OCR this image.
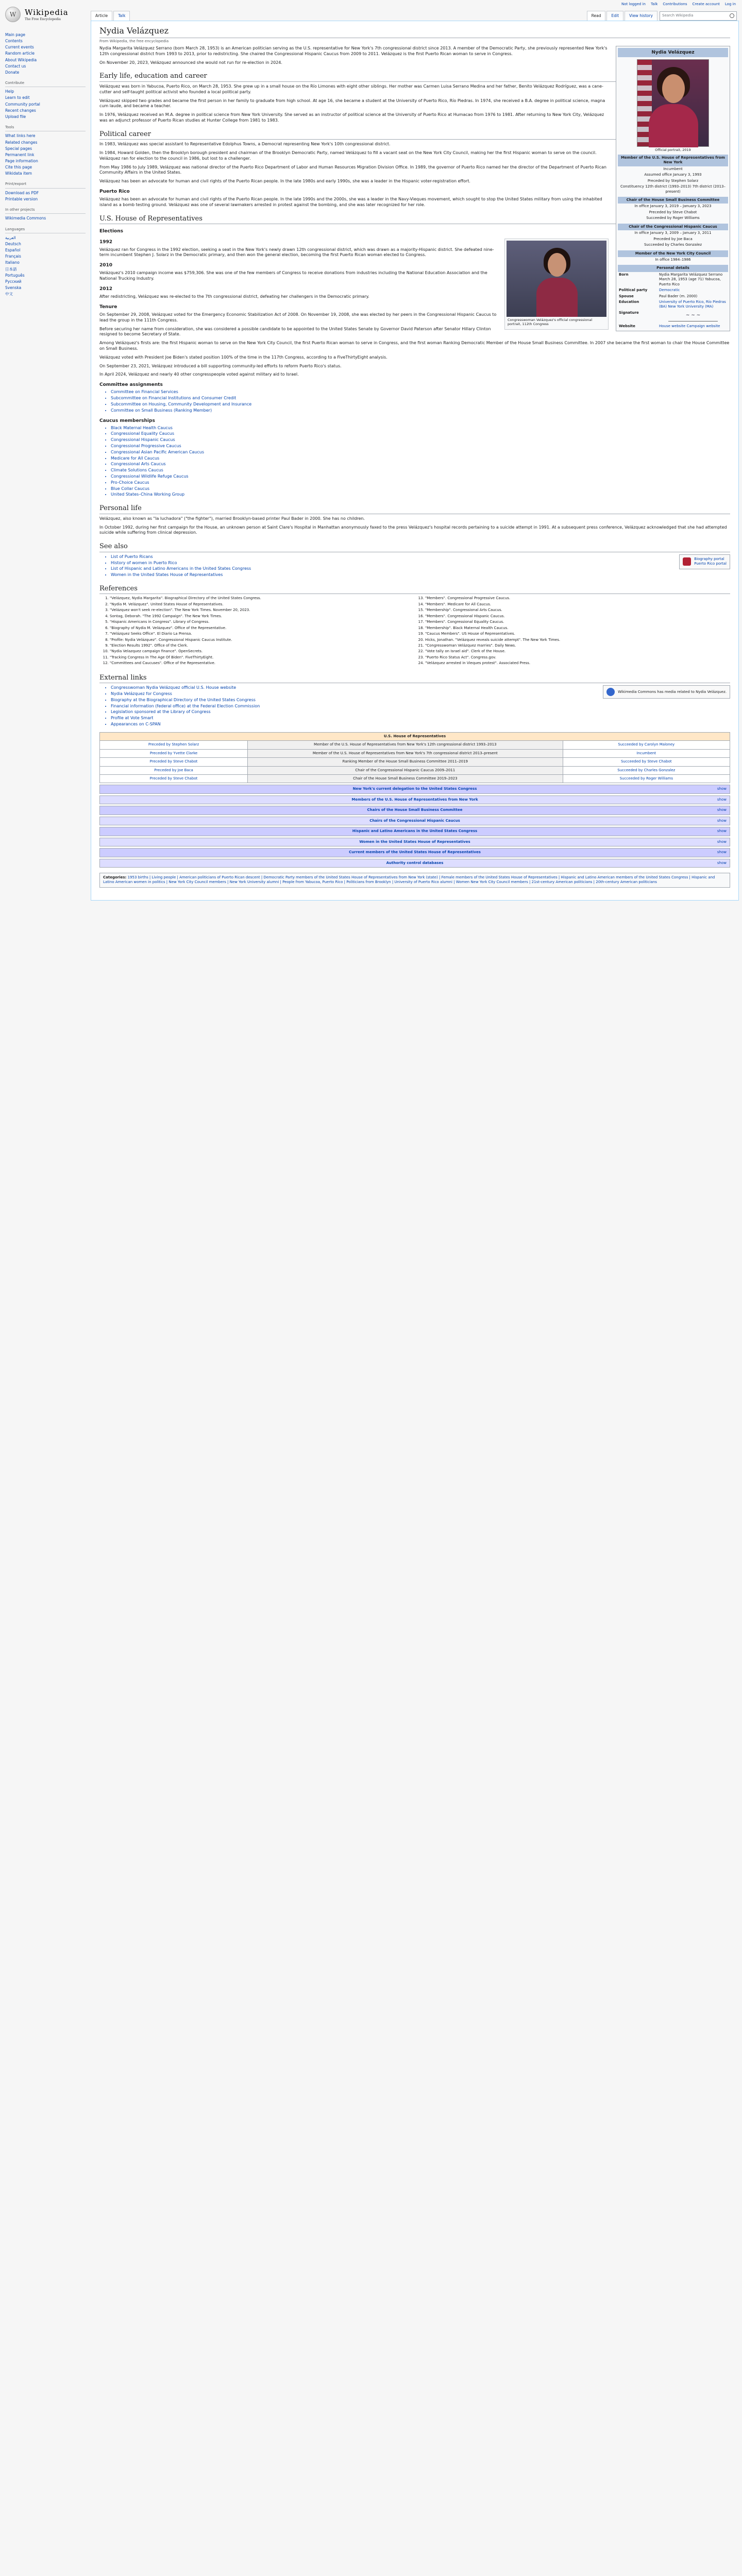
W
Wikipedia
The Free Encyclopedia
Main page
Contents
Current events
Random article
About Wikipedia
Contact us
Donate
Contribute
Help
Learn to edit
Community portal
Recent changes
Upload file
Tools
What links here
Related changes
Special pages
Permanent link
Page information
Cite this page
Wikidata item
Print/export
Download as PDF
Printable version
In other projects
Wikimedia Commons
Languages
العربية
Deutsch
Español
Français
Italiano
日本語
Português
Русский
Svenska
中文
Not logged in Talk Contributions Create account Log in
Article	Talk	Read	Edit	View history	Search Wikipedia
Nydia Velázquez
From Wikipedia, the free encyclopedia
Nydia Velázquez
Official portrait, 2019
Member of the U.S. House of Representatives from New York
Incumbent
Assumed office January 3, 1993
Preceded by Stephen Solarz
Constituency 12th district (1993–2013) 7th district (2013–present)
Chair of the House Small Business Committee
In office January 3, 2019 – January 3, 2023
Preceded by Steve Chabot
Succeeded by Roger Williams
Chair of the Congressional Hispanic Caucus
In office January 3, 2009 – January 3, 2011
Preceded by Joe Baca
Succeeded by Charles Gonzalez
Member of the New York City Council
In office 1984–1986
Personal details
Born	Nydia Margarita Velázquez Serrano March 28, 1953 (age 71) Yabucoa, Puerto Rico
Political party	Democratic
Spouse	Paul Bader (m. 2000)
Education	University of Puerto Rico, Río Piedras (BA) New York University (MA)
Signature	~ ~ ~
Website	House website Campaign website

Nydia Margarita Velázquez Serrano (born March 28, 1953) is an American politician serving as the U.S. representative for New York's 7th congressional district since 2013. A member of the Democratic Party, she previously represented New York's 12th congressional district from 1993 to 2013, prior to redistricting. She chaired the Congressional Hispanic Caucus from 2009 to 2011. Velázquez is the first Puerto Rican woman to serve in Congress.

On November 20, 2023, Velázquez announced she would not run for re-election in 2024.

Early life, education and career

Velázquez was born in Yabucoa, Puerto Rico, on March 28, 1953. She grew up in a small house on the Río Limones with eight other siblings. Her mother was Carmen Luisa Serrano Medina and her father, Benito Velázquez Rodríguez, was a cane-cutter and self-taught political activist who founded a local political party.

Velázquez skipped two grades and became the first person in her family to graduate from high school. At age 16, she became a student at the University of Puerto Rico, Río Piedras. In 1974, she received a B.A. degree in political science, magna cum laude, and became a teacher.

In 1976, Velázquez received an M.A. degree in political science from New York University. She served as an instructor of political science at the University of Puerto Rico at Humacao from 1976 to 1981. After returning to New York City, Velázquez was an adjunct professor of Puerto Rican studies at Hunter College from 1981 to 1983.

Political career

In 1983, Velázquez was special assistant to Representative Edolphus Towns, a Democrat representing New York's 10th congressional district.

In 1984, Howard Golden, then the Brooklyn borough president and chairman of the Brooklyn Democratic Party, named Velázquez to fill a vacant seat on the New York City Council, making her the first Hispanic woman to serve on the council. Velázquez ran for election to the council in 1986, but lost to a challenger.

From May 1986 to July 1989, Velázquez was national director of the Puerto Rico Department of Labor and Human Resources Migration Division Office. In 1989, the governor of Puerto Rico named her the director of the Department of Puerto Rican Community Affairs in the United States.

Velázquez has been an advocate for human and civil rights of the Puerto Rican people. In the late 1980s and early 1990s, she was a leader in the Hispanic voter-registration effort.

Puerto Rico

Velázquez has been an advocate for human and civil rights of the Puerto Rican people. In the late 1990s and the 2000s, she was a leader in the Navy-Vieques movement, which sought to stop the United States military from using the inhabited island as a bomb testing ground. Velázquez was one of several lawmakers arrested in protest against the bombing, and she was later recognized for her role.

U.S. House of Representatives
Elections
Congresswoman Velázquez's official congressional portrait, 112th Congress
1992

Velázquez ran for Congress in the 1992 election, seeking a seat in the New York's newly drawn 12th congressional district, which was drawn as a majority-Hispanic district. She defeated nine-term incumbent Stephen J. Solarz in the Democratic primary, and then won the general election, becoming the first Puerto Rican woman elected to Congress.

2010

Velázquez's 2010 campaign income was $759,306. She was one of the few members of Congress to receive donations from industries including the National Education Association and the National Trucking Industry.

2012

After redistricting, Velázquez was re-elected to the 7th congressional district, defeating her challengers in the Democratic primary.

Tenure

On September 29, 2008, Velázquez voted for the Emergency Economic Stabilization Act of 2008. On November 19, 2008, she was elected by her peers in the Congressional Hispanic Caucus to lead the group in the 111th Congress.

Before securing her name from consideration, she was considered a possible candidate to be appointed to the United States Senate by Governor David Paterson after Senator Hillary Clinton resigned to become Secretary of State.

Among Velázquez's firsts are: the first Hispanic woman to serve on the New York City Council, the first Puerto Rican woman to serve in Congress, and the first woman Ranking Democratic Member of the House Small Business Committee. In 2007 she became the first woman to chair the House Committee on Small Business.

Velázquez voted with President Joe Biden's stated position 100% of the time in the 117th Congress, according to a FiveThirtyEight analysis.

On September 23, 2021, Velázquez introduced a bill supporting community-led efforts to reform Puerto Rico's status.

In April 2024, Velázquez and nearly 40 other congresspeople voted against military aid to Israel.

Committee assignments
• Committee on Financial Services
• Subcommittee on Financial Institutions and Consumer Credit
• Subcommittee on Housing, Community Development and Insurance
• Committee on Small Business (Ranking Member)
Caucus memberships
• Black Maternal Health Caucus
• Congressional Equality Caucus
• Congressional Hispanic Caucus
• Congressional Progressive Caucus
• Congressional Asian Pacific American Caucus
• Medicare for All Caucus
• Congressional Arts Caucus
• Climate Solutions Caucus
• Congressional Wildlife Refuge Caucus
• Pro-Choice Caucus
• Blue Collar Caucus
• United States–China Working Group
Personal life

Velázquez, also known as "la luchadora" ("the fighter"), married Brooklyn-based printer Paul Bader in 2000. She has no children.

In October 1992, during her first campaign for the House, an unknown person at Saint Clare's Hospital in Manhattan anonymously faxed to the press Velázquez's hospital records pertaining to a suicide attempt in 1991. At a subsequent press conference, Velázquez acknowledged that she had attempted suicide while suffering from clinical depression.

See also
Biography portal
Puerto Rico portal
• List of Puerto Ricans
• History of women in Puerto Rico
• List of Hispanic and Latino Americans in the United States Congress
• Women in the United States House of Representatives
References
1. "Velázquez, Nydia Margarita". Biographical Directory of the United States Congress.
2. "Nydia M. Velázquez". United States House of Representatives.
3. "Velázquez won't seek re-election". The New York Times. November 20, 2023.
4. Sontag, Deborah. "The 1992 Campaign". The New York Times.
5. "Hispanic Americans in Congress". Library of Congress.
6. "Biography of Nydia M. Velázquez". Office of the Representative.
7. "Velázquez Seeks Office". El Diario La Prensa.
8. "Profile: Nydia Velázquez". Congressional Hispanic Caucus Institute.
9. "Election Results 1992". Office of the Clerk.
10. "Nydia Velazquez campaign finance". OpenSecrets.
11. "Tracking Congress In The Age Of Biden". FiveThirtyEight.
12. "Committees and Caucuses". Office of the Representative.
13. "Members". Congressional Progressive Caucus.
14. "Members". Medicare for All Caucus.
15. "Membership". Congressional Arts Caucus.
16. "Members". Congressional Hispanic Caucus.
17. "Members". Congressional Equality Caucus.
18. "Membership". Black Maternal Health Caucus.
19. "Caucus Members". US House of Representatives.
20. Hicks, Jonathan. "Velázquez reveals suicide attempt". The New York Times.
21. "Congresswoman Velázquez marries". Daily News.
22. "Vote tally on Israel aid". Clerk of the House.
23. "Puerto Rico Status Act". Congress.gov.
24. "Velázquez arrested in Vieques protest". Associated Press.
External links
Wikimedia Commons has media related to Nydia Velázquez.
• Congresswoman Nydia Velázquez official U.S. House website
• Nydia Velázquez for Congress
• Biography at the Biographical Directory of the United States Congress
• Financial information (federal office) at the Federal Election Commission
• Legislation sponsored at the Library of Congress
• Profile at Vote Smart
• Appearances on C-SPAN
U.S. House of Representatives		
Preceded by Stephen Solarz	Member of the U.S. House of Representatives from New York's 12th congressional district 1993–2013	Succeeded by Carolyn Maloney
Preceded by Yvette Clarke	Member of the U.S. House of Representatives from New York's 7th congressional district 2013–present	Incumbent
Preceded by Steve Chabot	Ranking Member of the House Small Business Committee 2011–2019	Succeeded by Steve Chabot
Preceded by Joe Baca	Chair of the Congressional Hispanic Caucus 2009–2011	Succeeded by Charles Gonzalez
Preceded by Steve Chabot	Chair of the House Small Business Committee 2019–2023	Succeeded by Roger Williams
New York's current delegation to the United States Congress	show
Members of the U.S. House of Representatives from New York	show
Chairs of the House Small Business Committee	show
Chairs of the Congressional Hispanic Caucus	show
Hispanic and Latino Americans in the United States Congress	show
Women in the United States House of Representatives	show
Current members of the United States House of Representatives	show
Authority control databases	show
Categories: 1953 births | Living people | American politicians of Puerto Rican descent | Democratic Party members of the United States House of Representatives from New York (state) | Female members of the United States House of Representatives | Hispanic and Latino American members of the United States Congress | Hispanic and Latino American women in politics | New York City Council members | New York University alumni | People from Yabucoa, Puerto Rico | Politicians from Brooklyn | University of Puerto Rico alumni | Women New York City Council members | 21st-century American politicians | 20th-century American politicians
